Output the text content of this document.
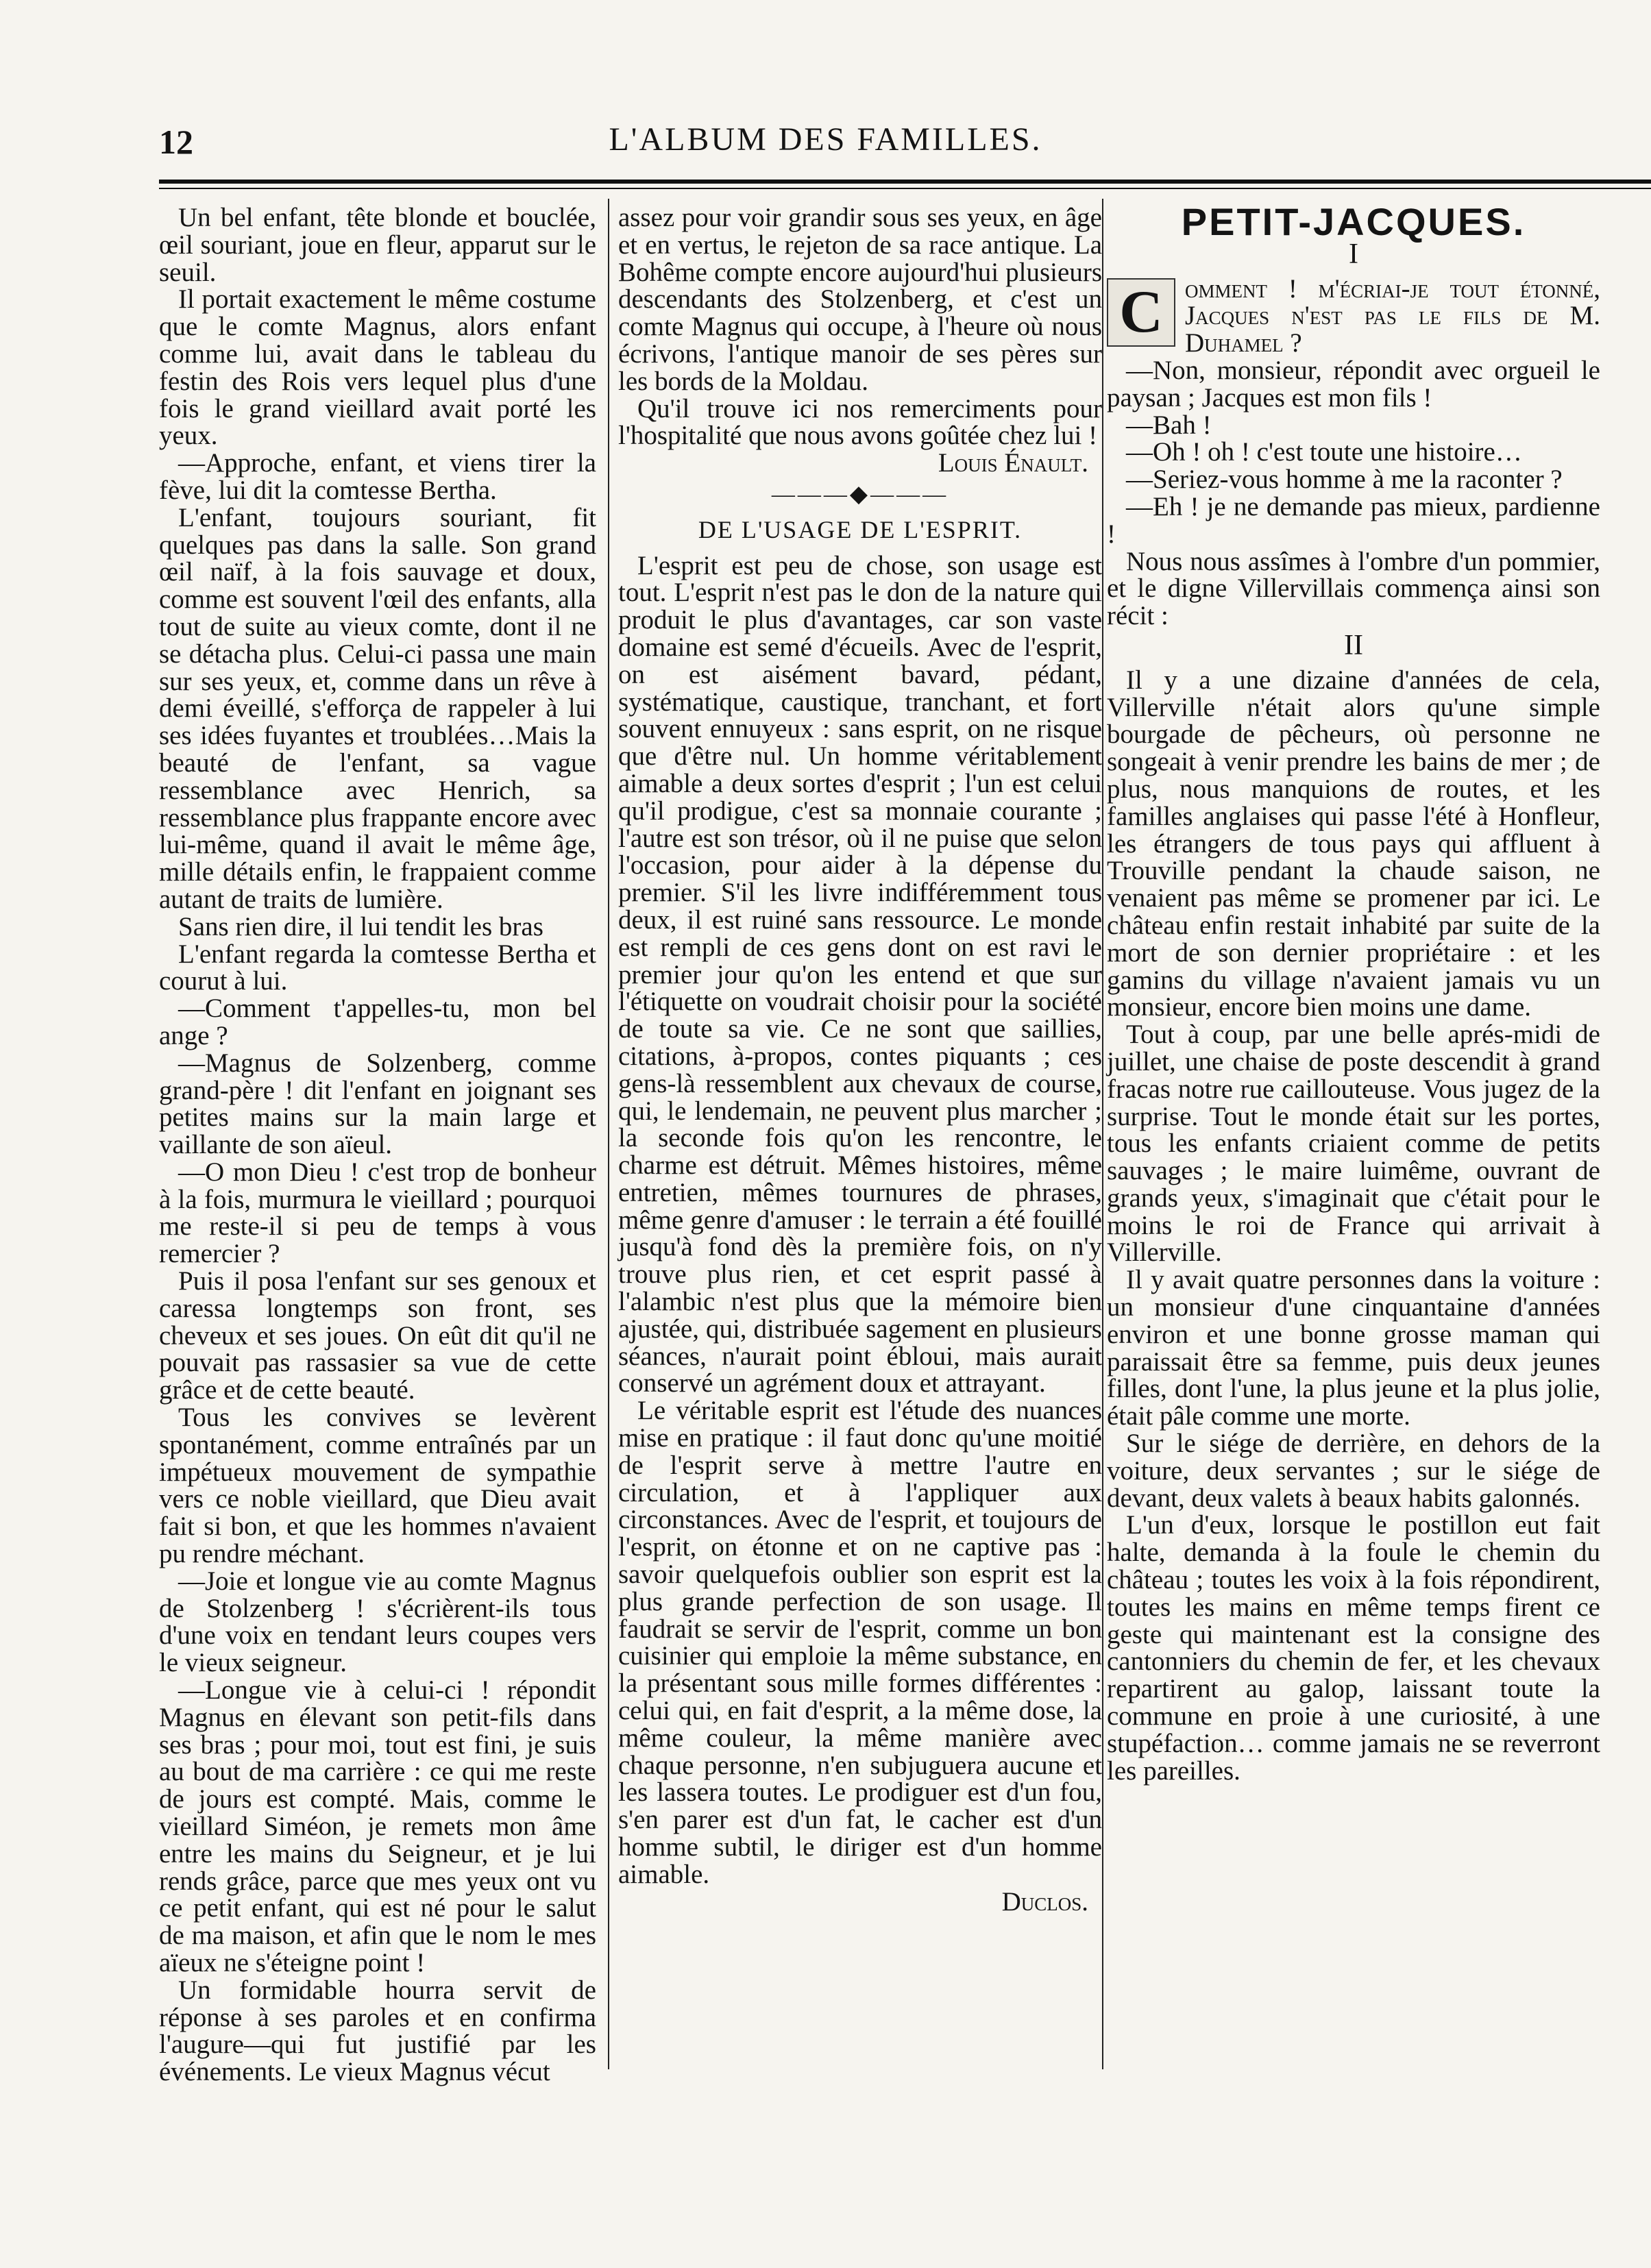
12	L'ALBUM DES FAMILLES.

Un bel enfant, tête blonde et bouclée, œil souriant, joue en fleur, apparut sur le seuil.

Il portait exactement le même costume que le comte Magnus, alors enfant comme lui, avait dans le tableau du festin des Rois vers lequel plus d'une fois le grand vieillard avait porté les yeux.

—Approche, enfant, et viens tirer la fève, lui dit la comtesse Bertha.

L'enfant, toujours souriant, fit quelques pas dans la salle. Son grand œil naïf, à la fois sauvage et doux, comme est souvent l'œil des enfants, alla tout de suite au vieux comte, dont il ne se détacha plus. Celui-ci passa une main sur ses yeux, et, comme dans un rêve à demi éveillé, s'efforça de rappeler à lui ses idées fuyantes et troublées…Mais la beauté de l'enfant, sa vague ressemblance avec Henrich, sa ressemblance plus frappante encore avec lui-même, quand il avait le même âge, mille détails enfin, le frappaient comme autant de traits de lumière.

Sans rien dire, il lui tendit les bras

L'enfant regarda la comtesse Bertha et courut à lui.

—Comment t'appelles-tu, mon bel ange ?

—Magnus de Solzenberg, comme grand-père ! dit l'enfant en joignant ses petites mains sur la main large et vaillante de son aïeul.

—O mon Dieu ! c'est trop de bonheur à la fois, murmura le vieillard ; pourquoi me reste-il si peu de temps à vous remercier ?

Puis il posa l'enfant sur ses genoux et caressa longtemps son front, ses cheveux et ses joues. On eût dit qu'il ne pouvait pas rassasier sa vue de cette grâce et de cette beauté.

Tous les convives se levèrent spontanément, comme entraînés par un impétueux mouvement de sympathie vers ce noble vieillard, que Dieu avait fait si bon, et que les hommes n'avaient pu rendre méchant.

—Joie et longue vie au comte Magnus de Stolzenberg ! s'écrièrent-ils tous d'une voix en tendant leurs coupes vers le vieux seigneur.

—Longue vie à celui-ci ! répondit Magnus en élevant son petit-fils dans ses bras ; pour moi, tout est fini, je suis au bout de ma carrière : ce qui me reste de jours est compté. Mais, comme le vieillard Siméon, je remets mon âme entre les mains du Seigneur, et je lui rends grâce, parce que mes yeux ont vu ce petit enfant, qui est né pour le salut de ma maison, et afin que le nom le mes aïeux ne s'éteigne point !

Un formidable hourra servit de réponse à ses paroles et en confirma l'augure—qui fut justifié par les événements. Le vieux Magnus vécut

assez pour voir grandir sous ses yeux, en âge et en vertus, le rejeton de sa race antique. La Bohême compte encore aujourd'hui plusieurs descendants des Stolzenberg, et c'est un comte Magnus qui occupe, à l'heure où nous écrivons, l'antique manoir de ses pères sur les bords de la Moldau.

Qu'il trouve ici nos remerciments pour l'hospitalité que nous avons goûtée chez lui !

Louis Énault.

———◆———
DE L'USAGE DE L'ESPRIT.

L'esprit est peu de chose, son usage est tout. L'esprit n'est pas le don de la nature qui produit le plus d'avantages, car son vaste domaine est semé d'écueils. Avec de l'esprit, on est aisément bavard, pédant, systématique, caustique, tranchant, et fort souvent ennuyeux : sans esprit, on ne risque que d'être nul. Un homme véritablement aimable a deux sortes d'esprit ; l'un est celui qu'il prodigue, c'est sa monnaie courante ; l'autre est son trésor, où il ne puise que selon l'occasion, pour aider à la dépense du premier. S'il les livre indifféremment tous deux, il est ruiné sans ressource. Le monde est rempli de ces gens dont on est ravi le premier jour qu'on les entend et que sur l'étiquette on voudrait choisir pour la société de toute sa vie. Ce ne sont que saillies, citations, à-propos, contes piquants ; ces gens-là ressemblent aux chevaux de course, qui, le lendemain, ne peuvent plus marcher ; la seconde fois qu'on les rencontre, le charme est détruit. Mêmes histoires, même entretien, mêmes tournures de phrases, même genre d'amuser : le terrain a été fouillé jusqu'à fond dès la première fois, on n'y trouve plus rien, et cet esprit passé à l'alambic n'est plus que la mémoire bien ajustée, qui, distribuée sagement en plusieurs séances, n'aurait point ébloui, mais aurait conservé un agrément doux et attrayant.

Le véritable esprit est l'étude des nuances mise en pratique : il faut donc qu'une moitié de l'esprit serve à mettre l'autre en circulation, et à l'appliquer aux circonstances. Avec de l'esprit, et toujours de l'esprit, on étonne et on ne captive pas : savoir quelquefois oublier son esprit est la plus grande perfection de son usage. Il faudrait se servir de l'esprit, comme un bon cuisinier qui emploie la même substance, en la présentant sous mille formes différentes : celui qui, en fait d'esprit, a la même dose, la même couleur, la même manière avec chaque personne, n'en subjuguera aucune et les lassera toutes. Le prodiguer est d'un fou, s'en parer est d'un fat, le cacher est d'un homme subtil, le diriger est d'un homme aimable.

Duclos.

PETIT-JACQUES.
I

C omment ! m'écriai-je tout étonné, Jacques n'est pas le fils de M. Duhamel ?

—Non, monsieur, répondit avec orgueil le paysan ; Jacques est mon fils !

—Bah !

—Oh ! oh ! c'est toute une histoire…

—Seriez-vous homme à me la raconter ?

—Eh ! je ne demande pas mieux, pardienne !

Nous nous assîmes à l'ombre d'un pommier, et le digne Villervillais commença ainsi son récit :

II

Il y a une dizaine d'années de cela, Villerville n'était alors qu'une simple bourgade de pêcheurs, où personne ne songeait à venir prendre les bains de mer ; de plus, nous manquions de routes, et les familles anglaises qui passe l'été à Honfleur, les étrangers de tous pays qui affluent à Trouville pendant la chaude saison, ne venaient pas même se promener par ici. Le château enfin restait inhabité par suite de la mort de son dernier propriétaire : et les gamins du village n'avaient jamais vu un monsieur, encore bien moins une dame.

Tout à coup, par une belle aprés-midi de juillet, une chaise de poste descendit à grand fracas notre rue caillouteuse. Vous jugez de la surprise. Tout le monde était sur les portes, tous les enfants criaient comme de petits sauvages ; le maire luimême, ouvrant de grands yeux, s'imaginait que c'était pour le moins le roi de France qui arrivait à Villerville.

Il y avait quatre personnes dans la voiture : un monsieur d'une cinquantaine d'années environ et une bonne grosse maman qui paraissait être sa femme, puis deux jeunes filles, dont l'une, la plus jeune et la plus jolie, était pâle comme une morte.

Sur le siége de derrière, en dehors de la voiture, deux servantes ; sur le siége de devant, deux valets à beaux habits galonnés.

L'un d'eux, lorsque le postillon eut fait halte, demanda à la foule le chemin du château ; toutes les voix à la fois répondirent, toutes les mains en même temps firent ce geste qui maintenant est la consigne des cantonniers du chemin de fer, et les chevaux repartirent au galop, laissant toute la commune en proie à une curiosité, à une stupéfaction… comme jamais ne se reverront les pareilles.
